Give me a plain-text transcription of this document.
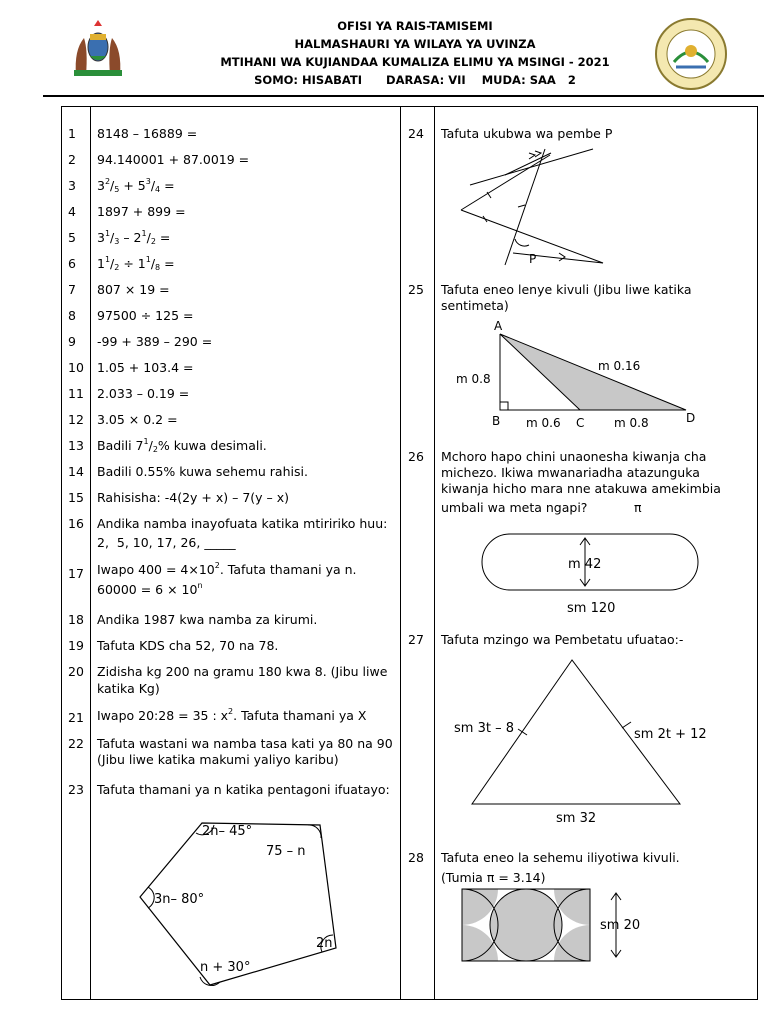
OFISI YA RAIS-TAMISEMI
HALMASHAURI YA WILAYA YA UVINZA
MTIHANI WA KUJIANDAA KUMALIZA ELIMU YA MSINGI - 2021
SOMO: HISABATI      DARASA: VII    MUDA: SAA   2
1 8148 – 16889 =
2 94.140001 + 87.0019 =
3 $3^2/_5 + 5^3/_4$ =
4 1897 + 899 =
5 $3^1/_3 - 2^1/_2$ =
6 $1^1/_2 \div 1^1/_8$ =
7 807 × 19 =
8 97500 ÷ 125 =
9 -99 + 389 – 290 =
10 1.05 + 103.4 =
11 2.033 – 0.19 =
12 3.05 × 0.2 =
13 Badili $7^1/_2\%$ kuwa desimali.
14 Badili 0.55% kuwa sehemu rahisi.
15 Rahisisha: -4(2y + x) – 7(y – x)
16 Andika namba inayofuata katika mtiririko huu:
2,  5, 10, 17, 26, _____
17 Iwapo $400 = 4\times 10^2$. Tafuta thamani ya n.
$60000 = 6 \times 10^n$
18 Andika 1987 kwa namba za kirumi.
19 Tafuta KDS cha 52, 70 na 78.
20 Zidisha kg 200 na gramu 180 kwa 8. (Jibu liwe
katika Kg)
21 Iwapo 20:28 = 35 : $x^2$. Tafuta thamani ya X
22 Tafuta wastani wa namba tasa kati ya 80 na 90
(Jibu liwe katika makumi yaliyo karibu)
23 Tafuta thamani ya n katika pentagoni ifuatayo:
2n– 45°
75 – n
3n– 80°
2n
n + 30°
24 Tafuta ukubwa wa pembe P
P
25 Tafuta eneo lenye kivuli (Jibu liwe katika
sentimeta)
A
B	C	D
m 0.8
m 0.6	m 0.8
m 0.16
26 Mchoro hapo chini unaonesha kiwanja cha
michezo. Ikiwa mwanariadha atazunguka
kiwanja hicho mara nne atakuwa amekimbia
umbali wa meta ngapi?	π
m 42
sm 120
27 Tafuta mzingo wa Pembetatu ufuatao:-
sm 3t – 8	sm 2t + 12
sm 32
28 Tafuta eneo la sehemu iliyotiwa kivuli.
(Tumia π = 3.14)
sm 20
